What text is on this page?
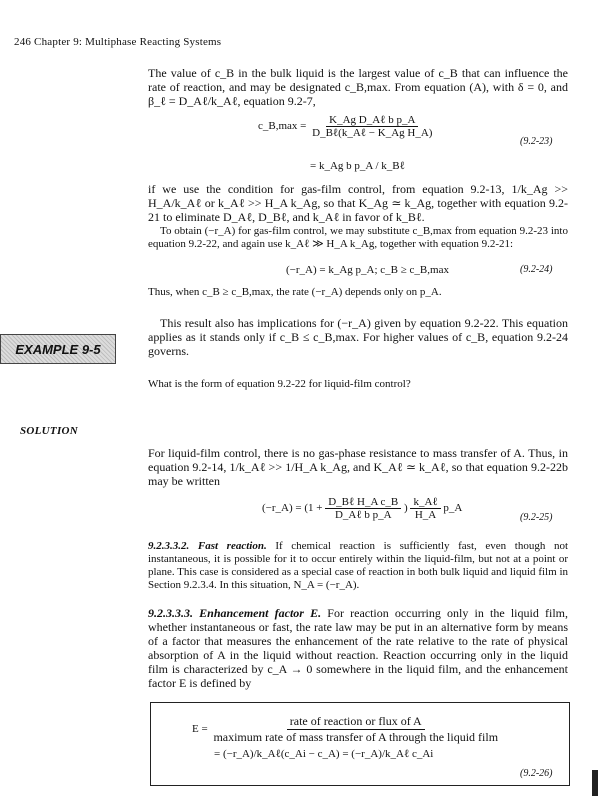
246 Chapter 9: Multiphase Reacting Systems
The value of c_B in the bulk liquid is the largest value of c_B that can influence the rate of reaction, and may be designated c_B,max. From equation (A), with δ = 0, and β_ℓ = D_Aℓ/k_Aℓ, equation 9.2-7,
c_B,max = $\frac{\text{K\_Ag D\_Aℓ b p\_A}}{\text{D\_Bℓ(k\_Aℓ − K\_Ag H\_A)}}$
(9.2-23)
= k_Ag b p_A / k_Bℓ
if we use the condition for gas-film control, from equation 9.2-13, 1/k_Ag >> H_A/k_Aℓ or k_Aℓ >> H_A k_Ag, so that K_Ag ≃ k_Ag, together with equation 9.2-21 to eliminate D_Aℓ, D_Bℓ, and k_Aℓ in favor of k_Bℓ.
To obtain (−r_A) for gas-film control, we may substitute c_B,max from equation 9.2-23 into equation 9.2-22, and again use k_Aℓ ≫ H_A k_Ag, together with equation 9.2-21:
(−r_A) = k_Ag p_A; c_B ≥ c_B,max	(9.2-24)
Thus, when c_B ≥ c_B,max, the rate (−r_A) depends only on p_A.
This result also has implications for (−r_A) given by equation 9.2-22. This equation applies as it stands only if c_B ≤ c_B,max. For higher values of c_B, equation 9.2-24 governs.
EXAMPLE 9-5
What is the form of equation 9.2-22 for liquid-film control?
SOLUTION
For liquid-film control, there is no gas-phase resistance to mass transfer of A. Thus, in equation 9.2-14, 1/k_Aℓ >> 1/H_A k_Ag, and K_Aℓ ≃ k_Aℓ, so that equation 9.2-22b may be written
(−r_A) = ($1 + \frac{\text{D\_Bℓ H\_A c\_B}}{\text{D\_Aℓ b p\_A}}$ ) $\frac{\text{k\_Aℓ}}{H\_A}$ p_A
(9.2-25)
9.2.3.3.2. Fast reaction. If chemical reaction is sufficiently fast, even though not instantaneous, it is possible for it to occur entirely within the liquid-film, but not at a point or plane. This case is considered as a special case of reaction in both bulk liquid and liquid film in Section 9.2.3.4. In this situation, N_A = (−r_A).
9.2.3.3.3. Enhancement factor E. For reaction occurring only in the liquid film, whether instantaneous or fast, the rate law may be put in an alternative form by means of a factor that measures the enhancement of the rate relative to the rate of physical absorption of A in the liquid without reaction. Reaction occurring only in the liquid film is characterized by c_A → 0 somewhere in the liquid film, and the enhancement factor E is defined by
$E = \frac{\text{rate of reaction or flux of A}}{\text{maximum rate of mass transfer of A through the liquid film}}$
= (−r_A)/k_Aℓ(c_Ai − c_A) = (−r_A)/k_Aℓ c_Ai
(9.2-26)
